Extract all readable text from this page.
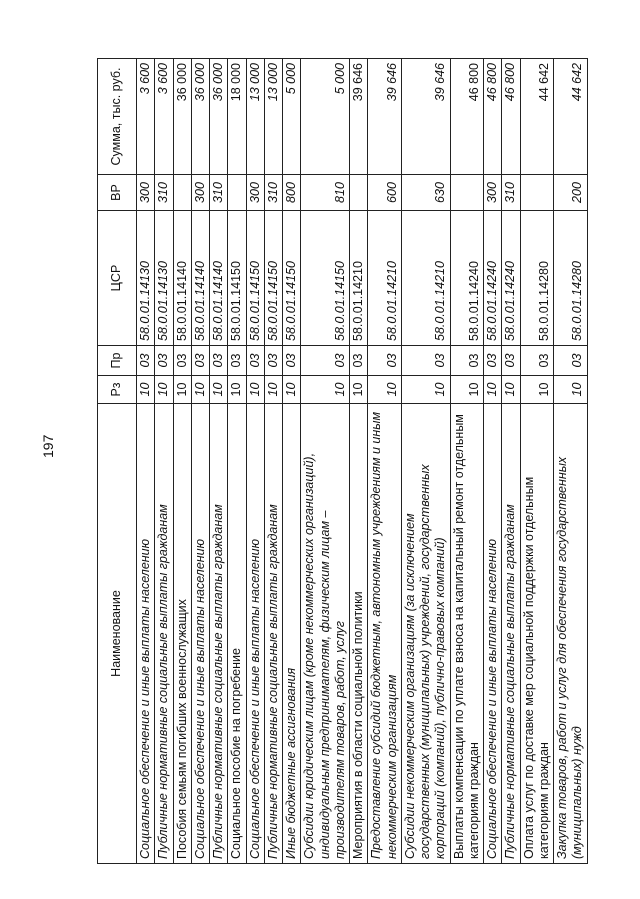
197
Наименование	Рз	Пр	ЦСР	ВР	Сумма, тыс. руб.
Социальное обеспечение и иные выплаты населению	10	03	58.0.01.14130	300	3 600
Публичные нормативные социальные выплаты гражданам	10	03	58.0.01.14130	310	3 600
Пособия семьям погибших военнослужащих	10	03	58.0.01.14140		36 000
Социальное обеспечение и иные выплаты населению	10	03	58.0.01.14140	300	36 000
Публичные нормативные социальные выплаты гражданам	10	03	58.0.01.14140	310	36 000
Социальное пособие на погребение	10	03	58.0.01.14150		18 000
Социальное обеспечение и иные выплаты населению	10	03	58.0.01.14150	300	13 000
Публичные нормативные социальные выплаты гражданам	10	03	58.0.01.14150	310	13 000
Иные бюджетные ассигнования	10	03	58.0.01.14150	800	5 000
Субсидии юридическим лицам (кроме некоммерческих организаций), индивидуальным предпринимателям, физическим лицам – производителям товаров, работ, услуг	10	03	58.0.01.14150	810	5 000
Мероприятия в области социальной политики	10	03	58.0.01.14210		39 646
Предоставление субсидий бюджетным, автономным учреждениям и иным некоммерческим организациям	10	03	58.0.01.14210	600	39 646
Субсидии некоммерческим организациям (за исключением государственных (муниципальных) учреждений, государственных корпораций (компаний), публично-правовых компаний)	10	03	58.0.01.14210	630	39 646
Выплаты компенсации по уплате взноса на капитальный ремонт отдельным категориям граждан	10	03	58.0.01.14240		46 800
Социальное обеспечение и иные выплаты населению	10	03	58.0.01.14240	300	46 800
Публичные нормативные социальные выплаты гражданам	10	03	58.0.01.14240	310	46 800
Оплата услуг по доставке мер социальной поддержки отдельным категориям граждан	10	03	58.0.01.14280		44 642
Закупка товаров, работ и услуг для обеспечения государственных (муниципальных) нужд	10	03	58.0.01.14280	200	44 642
